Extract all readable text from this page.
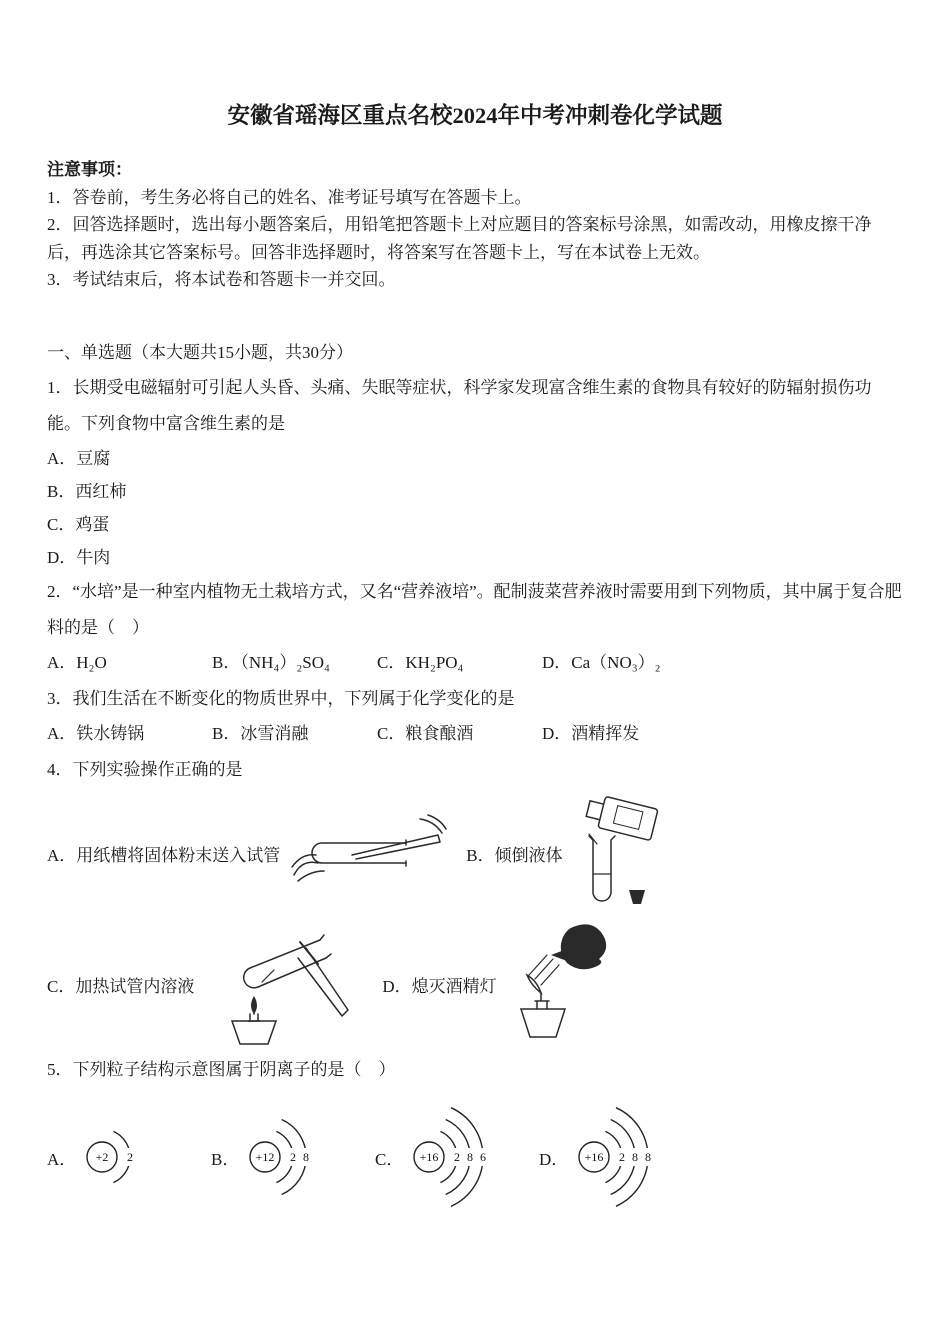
安徽省瑶海区重点名校2024年中考冲刺卷化学试题

注意事项：

1．答卷前，考生务必将自己的姓名、准考证号填写在答题卡上。

2．回答选择题时，选出每小题答案后，用铅笔把答题卡上对应题目的答案标号涂黑，如需改动，用橡皮擦干净后，再选涂其它答案标号。回答非选择题时，将答案写在答题卡上，写在本试卷上无效。

3．考试结束后，将本试卷和答题卡一并交回。

一、单选题（本大题共15小题，共30分）

1．长期受电磁辐射可引起人头昏、头痛、失眠等症状，科学家发现富含维生素的食物具有较好的防辐射损伤功能。下列食物中富含维生素的是

A．豆腐

B．西红柿

C．鸡蛋

D．牛肉

2．“水培”是一种室内植物无土栽培方式，又名“营养液培”。配制菠菜营养液时需要用到下列物质，其中属于复合肥料的是（　）

A．H₂O	B．（NH₄）₂SO₄	C．KH₂PO₄	D．Ca（NO₃）₂

3．我们生活在不断变化的物质世界中，下列属于化学变化的是

A．铁水铸锅	B．冰雪消融	C．粮食酿酒	D．酒精挥发

4．下列实验操作正确的是

A．用纸槽将固体粉末送入试管	B．倾倒液体
C．加热试管内溶液	D．熄灭酒精灯

5．下列粒子结构示意图属于阴离子的是（　）

A． +2 2	B． +12 2 8	C． +16 2 8 6	D． +16 2 8 8
